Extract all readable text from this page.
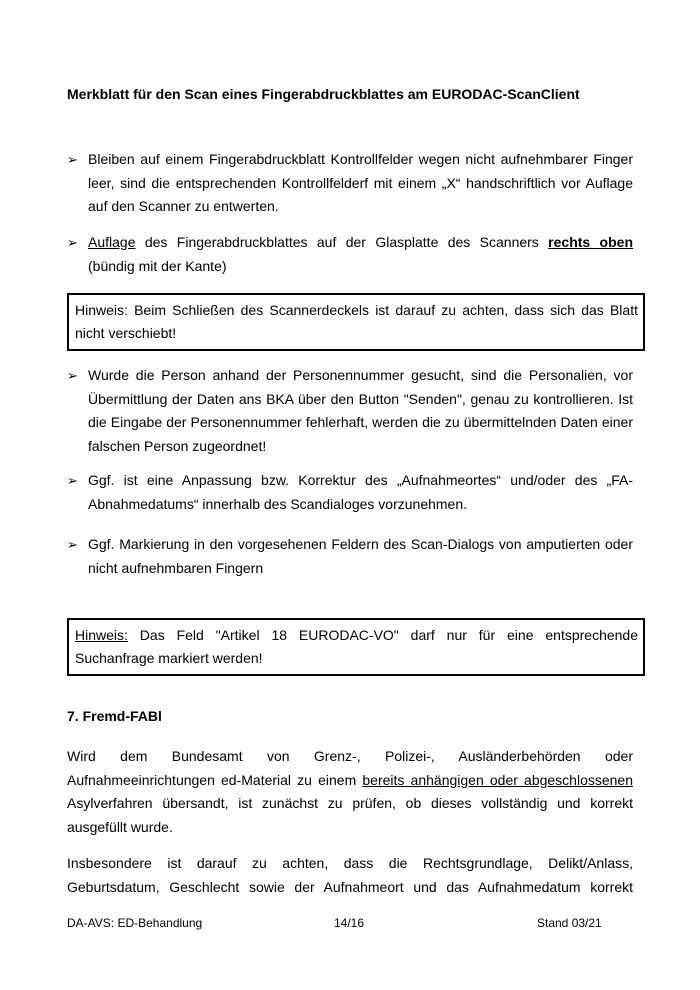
Merkblatt für den Scan eines Fingerabdruckblattes am EURODAC-ScanClient
➢ Bleiben auf einem Fingerabdruckblatt Kontrollfelder wegen nicht aufnehmbarer Finger leer, sind die entsprechenden Kontrollfelderf mit einem „X“ handschriftlich vor Auflage auf den Scanner zu entwerten.
➢ Auflage des Fingerabdruckblattes auf der Glasplatte des Scanners rechts oben (bündig mit der Kante)
Hinweis: Beim Schließen des Scannerdeckels ist darauf zu achten, dass sich das Blatt nicht verschiebt!
➢ Wurde die Person anhand der Personennummer gesucht, sind die Personalien, vor Übermittlung der Daten ans BKA über den Button "Senden", genau zu kontrollieren. Ist die Eingabe der Personennummer fehlerhaft, werden die zu übermittelnden Daten einer falschen Person zugeordnet!
➢ Ggf. ist eine Anpassung bzw. Korrektur des „Aufnahmeortes“ und/oder des „FA-Abnahmedatums“ innerhalb des Scandialoges vorzunehmen.
➢ Ggf. Markierung in den vorgesehenen Feldern des Scan-Dialogs von amputierten oder nicht aufnehmbaren Fingern
Hinweis: Das Feld "Artikel 18 EURODAC-VO" darf nur für eine entsprechende Suchanfrage markiert werden!
7. Fremd-FABl
Wird dem Bundesamt von Grenz-, Polizei-, Ausländerbehörden oder Aufnahmeeinrichtungen ed-Material zu einem bereits anhängigen oder abgeschlossenen Asylverfahren übersandt, ist zunächst zu prüfen, ob dieses vollständig und korrekt ausgefüllt wurde.
Insbesondere ist darauf zu achten, dass die Rechtsgrundlage, Delikt/Anlass, Geburtsdatum, Geschlecht sowie der Aufnahmeort und das Aufnahmedatum korrekt
DA-AVS: ED-Behandlung	14/16	Stand 03/21
